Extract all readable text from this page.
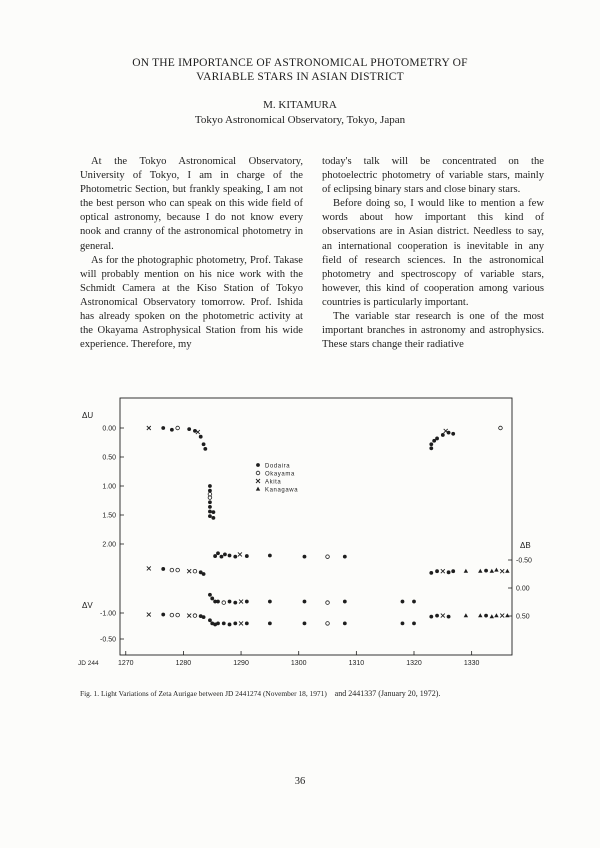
ON THE IMPORTANCE OF ASTRONOMICAL PHOTOMETRY OF
VARIABLE STARS IN ASIAN DISTRICT
M. KITAMURA
Tokyo Astronomical Observatory, Tokyo, Japan

At the Tokyo Astronomical Observatory, University of Tokyo, I am in charge of the Photometric Section, but frankly speaking, I am not the best person who can speak on this wide field of optical astronomy, because I do not know every nook and cranny of the astronomical photometry in general.

As for the photographic photometry, Prof. Takase will probably mention on his nice work with the Schmidt Camera at the Kiso Station of Tokyo Astronomical Observatory tomorrow. Prof. Ishida has already spoken on the photometric activity at the Okayama Astrophysical Station from his wide experience. Therefore, my

today's talk will be concentrated on the photoelectric photometry of variable stars, mainly of eclipsing binary stars and close binary stars.

Before doing so, I would like to mention a few words about how important this kind of observations are in Asian district. Needless to say, an international cooperation is inevitable in any field of research sciences. In the astronomical photometry and spectroscopy of variable stars, however, this kind of cooperation among various countries is particularly important.

The variable star research is one of the most important branches in astronomy and astrophysics. These stars change their radiative

1270	1280	1290	1300	1310	1320	1330
0.00
0.50
1.00
1.50
2.00
-1.00
-0.50
-0.50
0.00
0.50
ΔU
ΔV
ΔB
JD 244
Dodaira
Okayama
Akita
Kanagawa
Fig. 1. Light Variations of Zeta Aurigae between JD 2441274 (November 18, 1971) and 2441337 (January 20, 1972).
36
